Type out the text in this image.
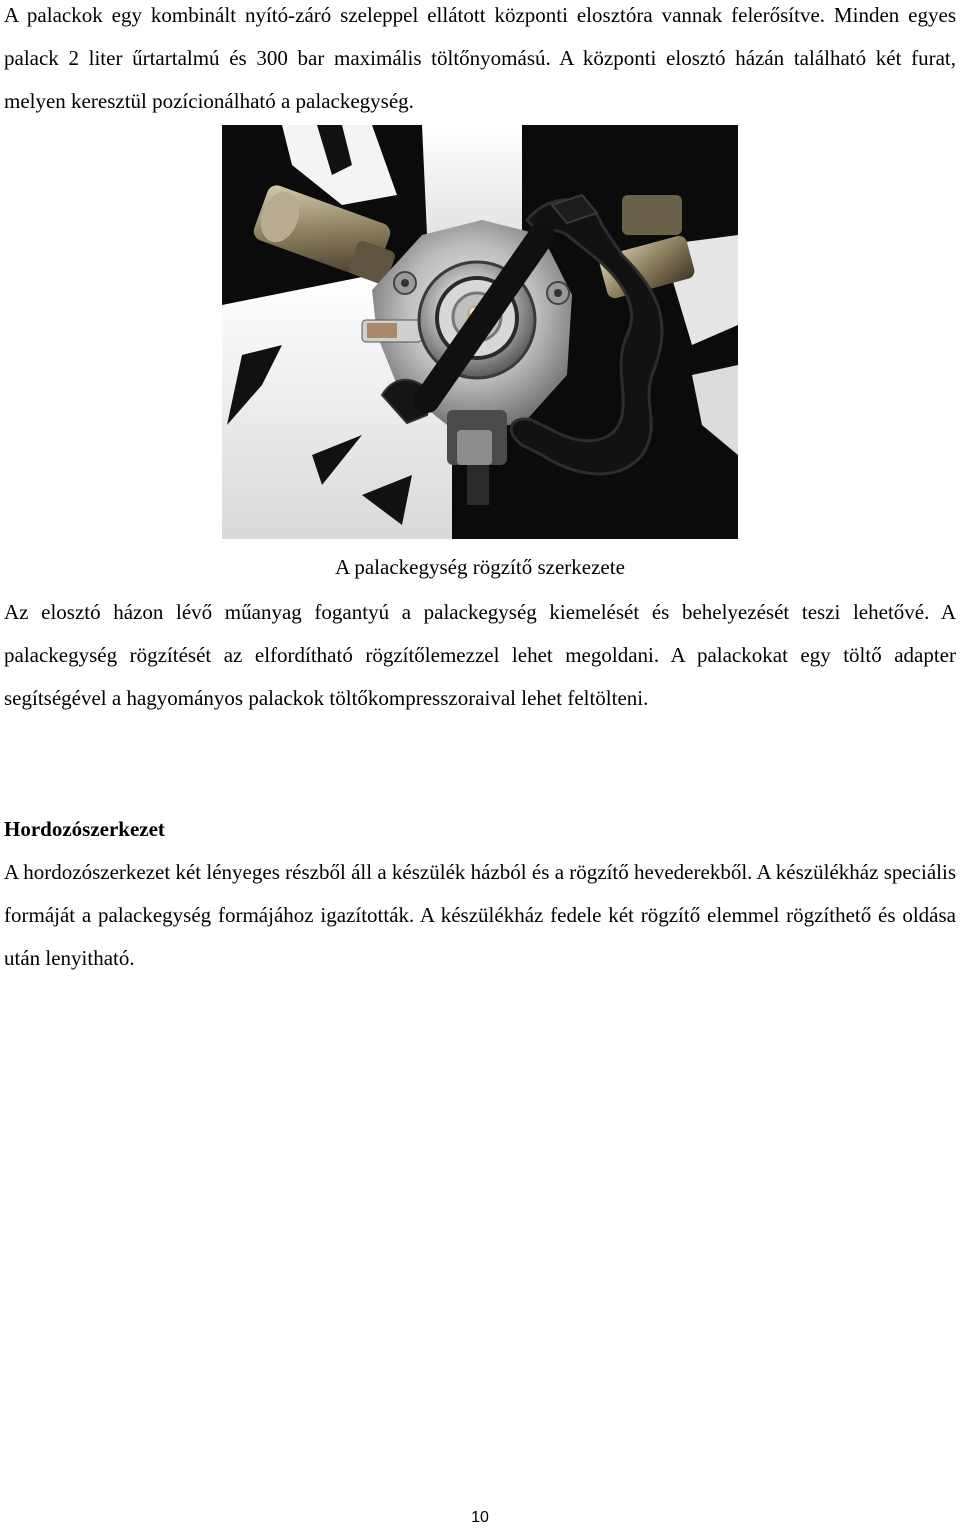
A palackok egy kombinált nyító-záró szeleppel ellátott központi elosztóra vannak felerősítve. Minden egyes palack 2 liter űrtartalmú és 300 bar maximális töltőnyomású. A központi elosztó házán található két furat, melyen keresztül pozícionálható a palackegység.

A palackegység rögzítő szerkezete

Az elosztó házon lévő műanyag fogantyú a palackegység kiemelését és behelyezését teszi lehetővé. A palackegység rögzítését az elfordítható rögzítőlemezzel lehet megoldani. A palackokat egy töltő adapter segítségével a hagyományos palackok töltőkompresszoraival lehet feltölteni.

Hordozószerkezet

A hordozószerkezet két lényeges részből áll a készülék házból és a rögzítő hevederekből. A készülékház speciális formáját a palackegység formájához igazították. A készülékház fedele két rögzítő elemmel rögzíthető és oldása után lenyitható.

10
